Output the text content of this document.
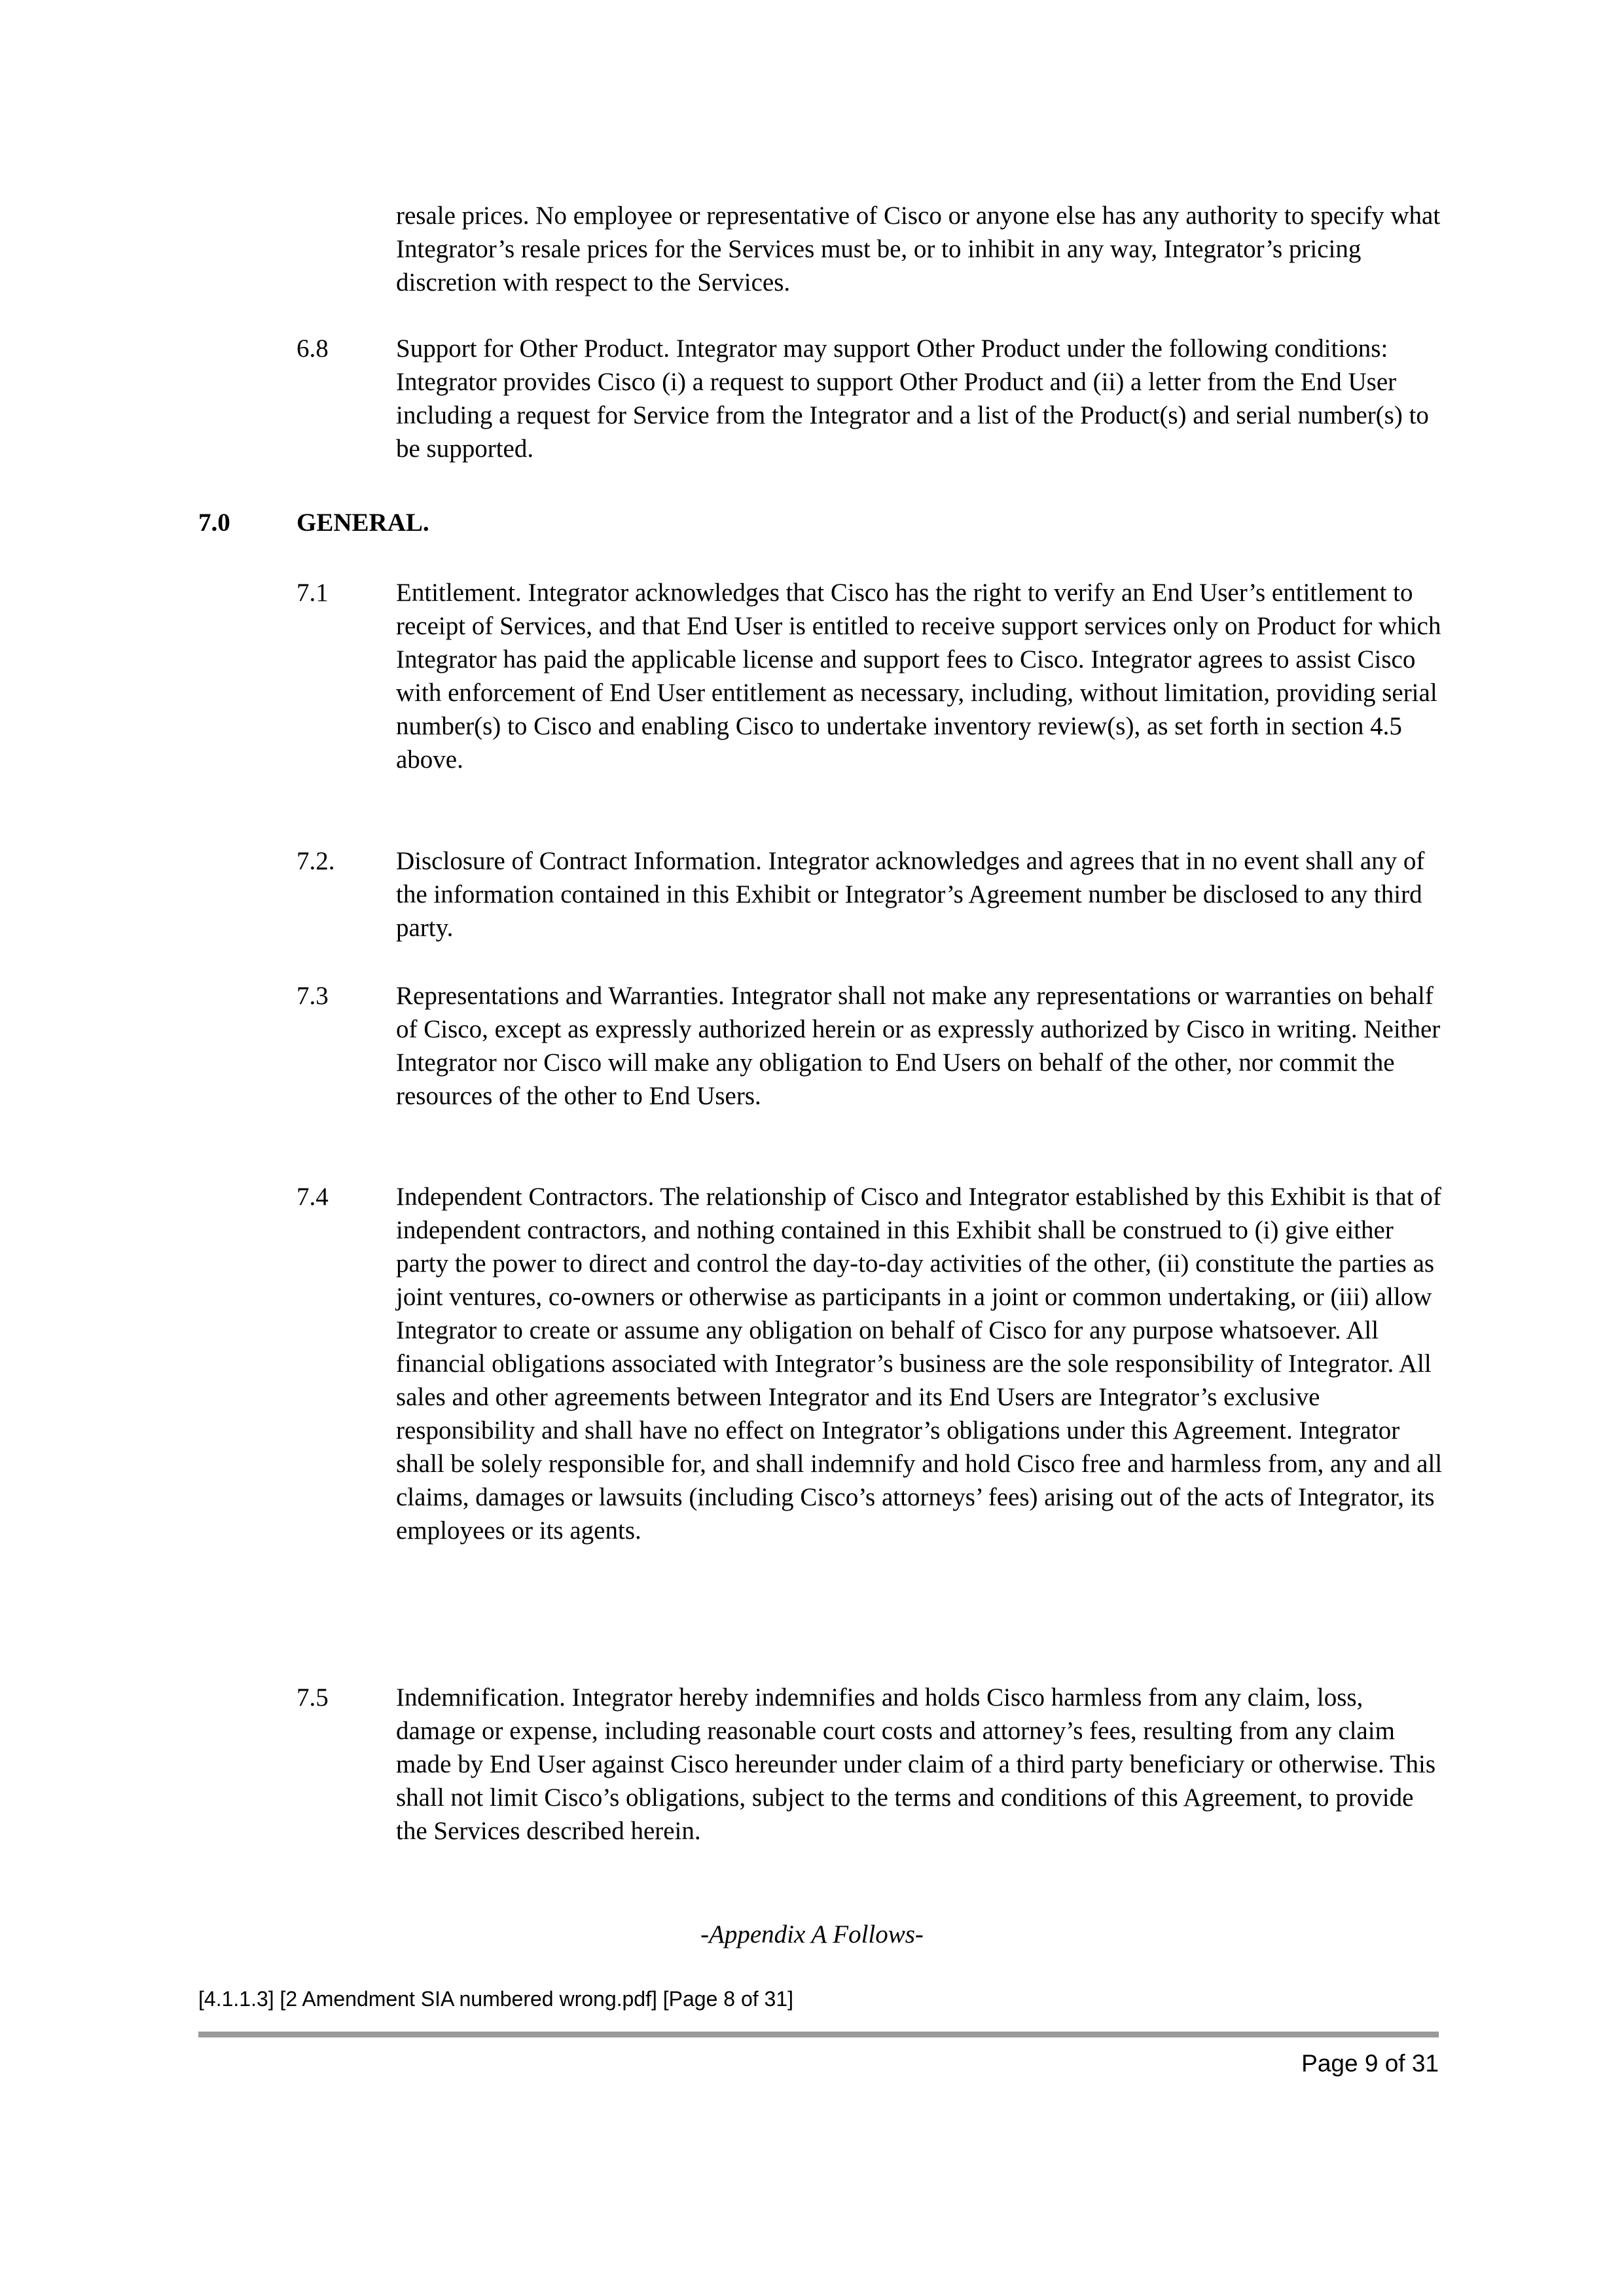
resale prices. No employee or representative of Cisco or anyone else has any authority to specify what Integrator’s resale prices for the Services must be, or to inhibit in any way, Integrator’s pricing discretion with respect to the Services.

6.8	Support for Other Product. Integrator may support Other Product under the following conditions: Integrator provides Cisco (i) a request to support Other Product and (ii) a letter from the End User including a request for Service from the Integrator and a list of the Product(s) and serial number(s) to be supported.
7.0	GENERAL.
7.1	Entitlement. Integrator acknowledges that Cisco has the right to verify an End User’s entitlement to receipt of Services, and that End User is entitled to receive support services only on Product for which Integrator has paid the applicable license and support fees to Cisco. Integrator agrees to assist Cisco with enforcement of End User entitlement as necessary, including, without limitation, providing serial number(s) to Cisco and enabling Cisco to undertake inventory review(s), as set forth in section 4.5 above.
7.2.	Disclosure of Contract Information. Integrator acknowledges and agrees that in no event shall any of the information contained in this Exhibit or Integrator’s Agreement number be disclosed to any third party.
7.3	Representations and Warranties. Integrator shall not make any representations or warranties on behalf of Cisco, except as expressly authorized herein or as expressly authorized by Cisco in writing. Neither Integrator nor Cisco will make any obligation to End Users on behalf of the other, nor commit the resources of the other to End Users.
7.4	Independent Contractors. The relationship of Cisco and Integrator established by this Exhibit is that of independent contractors, and nothing contained in this Exhibit shall be construed to (i) give either party the power to direct and control the day-to-day activities of the other, (ii) constitute the parties as joint ventures, co-owners or otherwise as participants in a joint or common undertaking, or (iii) allow Integrator to create or assume any obligation on behalf of Cisco for any purpose whatsoever. All financial obligations associated with Integrator’s business are the sole responsibility of Integrator. All sales and other agreements between Integrator and its End Users are Integrator’s exclusive responsibility and shall have no effect on Integrator’s obligations under this Agreement. Integrator shall be solely responsible for, and shall indemnify and hold Cisco free and harmless from, any and all claims, damages or lawsuits (including Cisco’s attorneys’ fees) arising out of the acts of Integrator, its employees or its agents.
7.5	Indemnification. Integrator hereby indemnifies and holds Cisco harmless from any claim, loss, damage or expense, including reasonable court costs and attorney’s fees, resulting from any claim made by End User against Cisco hereunder under claim of a third party beneficiary or otherwise. This shall not limit Cisco’s obligations, subject to the terms and conditions of this Agreement, to provide the Services described herein.
-Appendix A Follows-
[4.1.1.3] [2 Amendment SIA numbered wrong.pdf] [Page 8 of 31]
Page 9 of 31
